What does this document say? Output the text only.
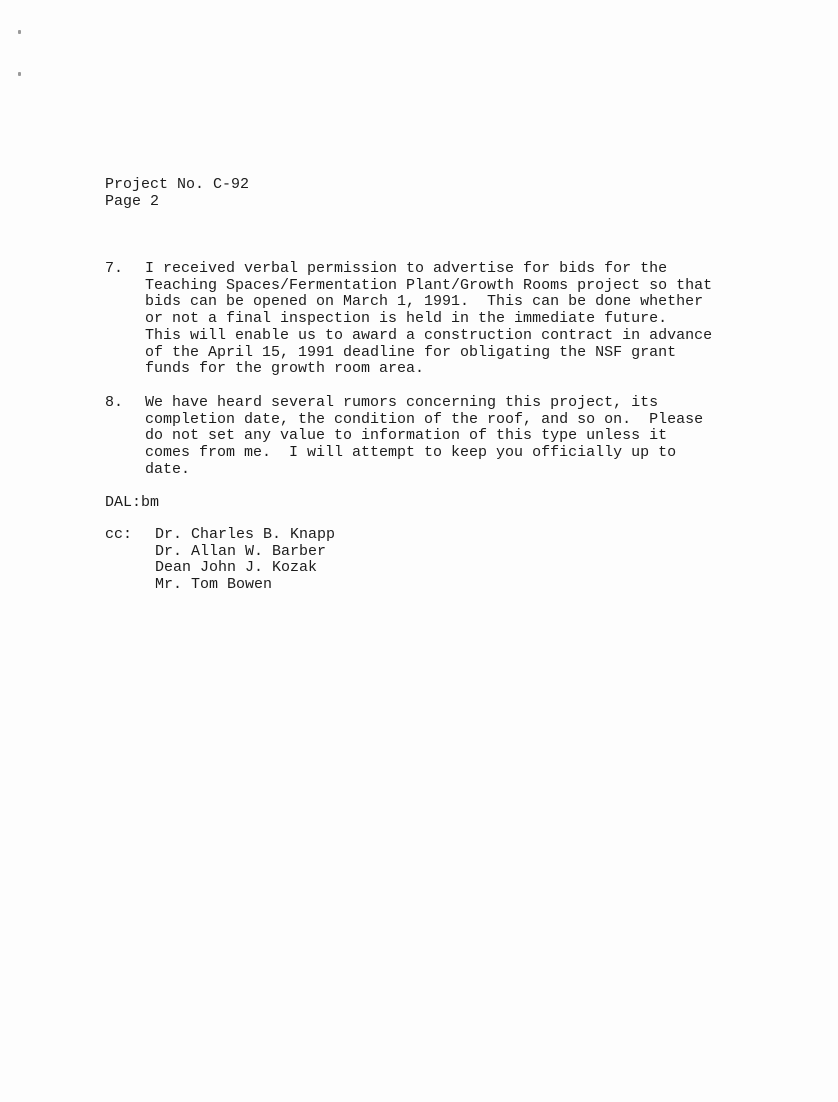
Project No. C-92
Page 2
7. I received verbal permission to advertise for bids for the
Teaching Spaces/Fermentation Plant/Growth Rooms project so that
bids can be opened on March 1, 1991.  This can be done whether
or not a final inspection is held in the immediate future.
This will enable us to award a construction contract in advance
of the April 15, 1991 deadline for obligating the NSF grant
funds for the growth room area.
8. We have heard several rumors concerning this project, its
completion date, the condition of the roof, and so on.  Please
do not set any value to information of this type unless it
comes from me.  I will attempt to keep you officially up to
date.
DAL:bm
cc: Dr. Charles B. Knapp
Dr. Allan W. Barber
Dean John J. Kozak
Mr. Tom Bowen
